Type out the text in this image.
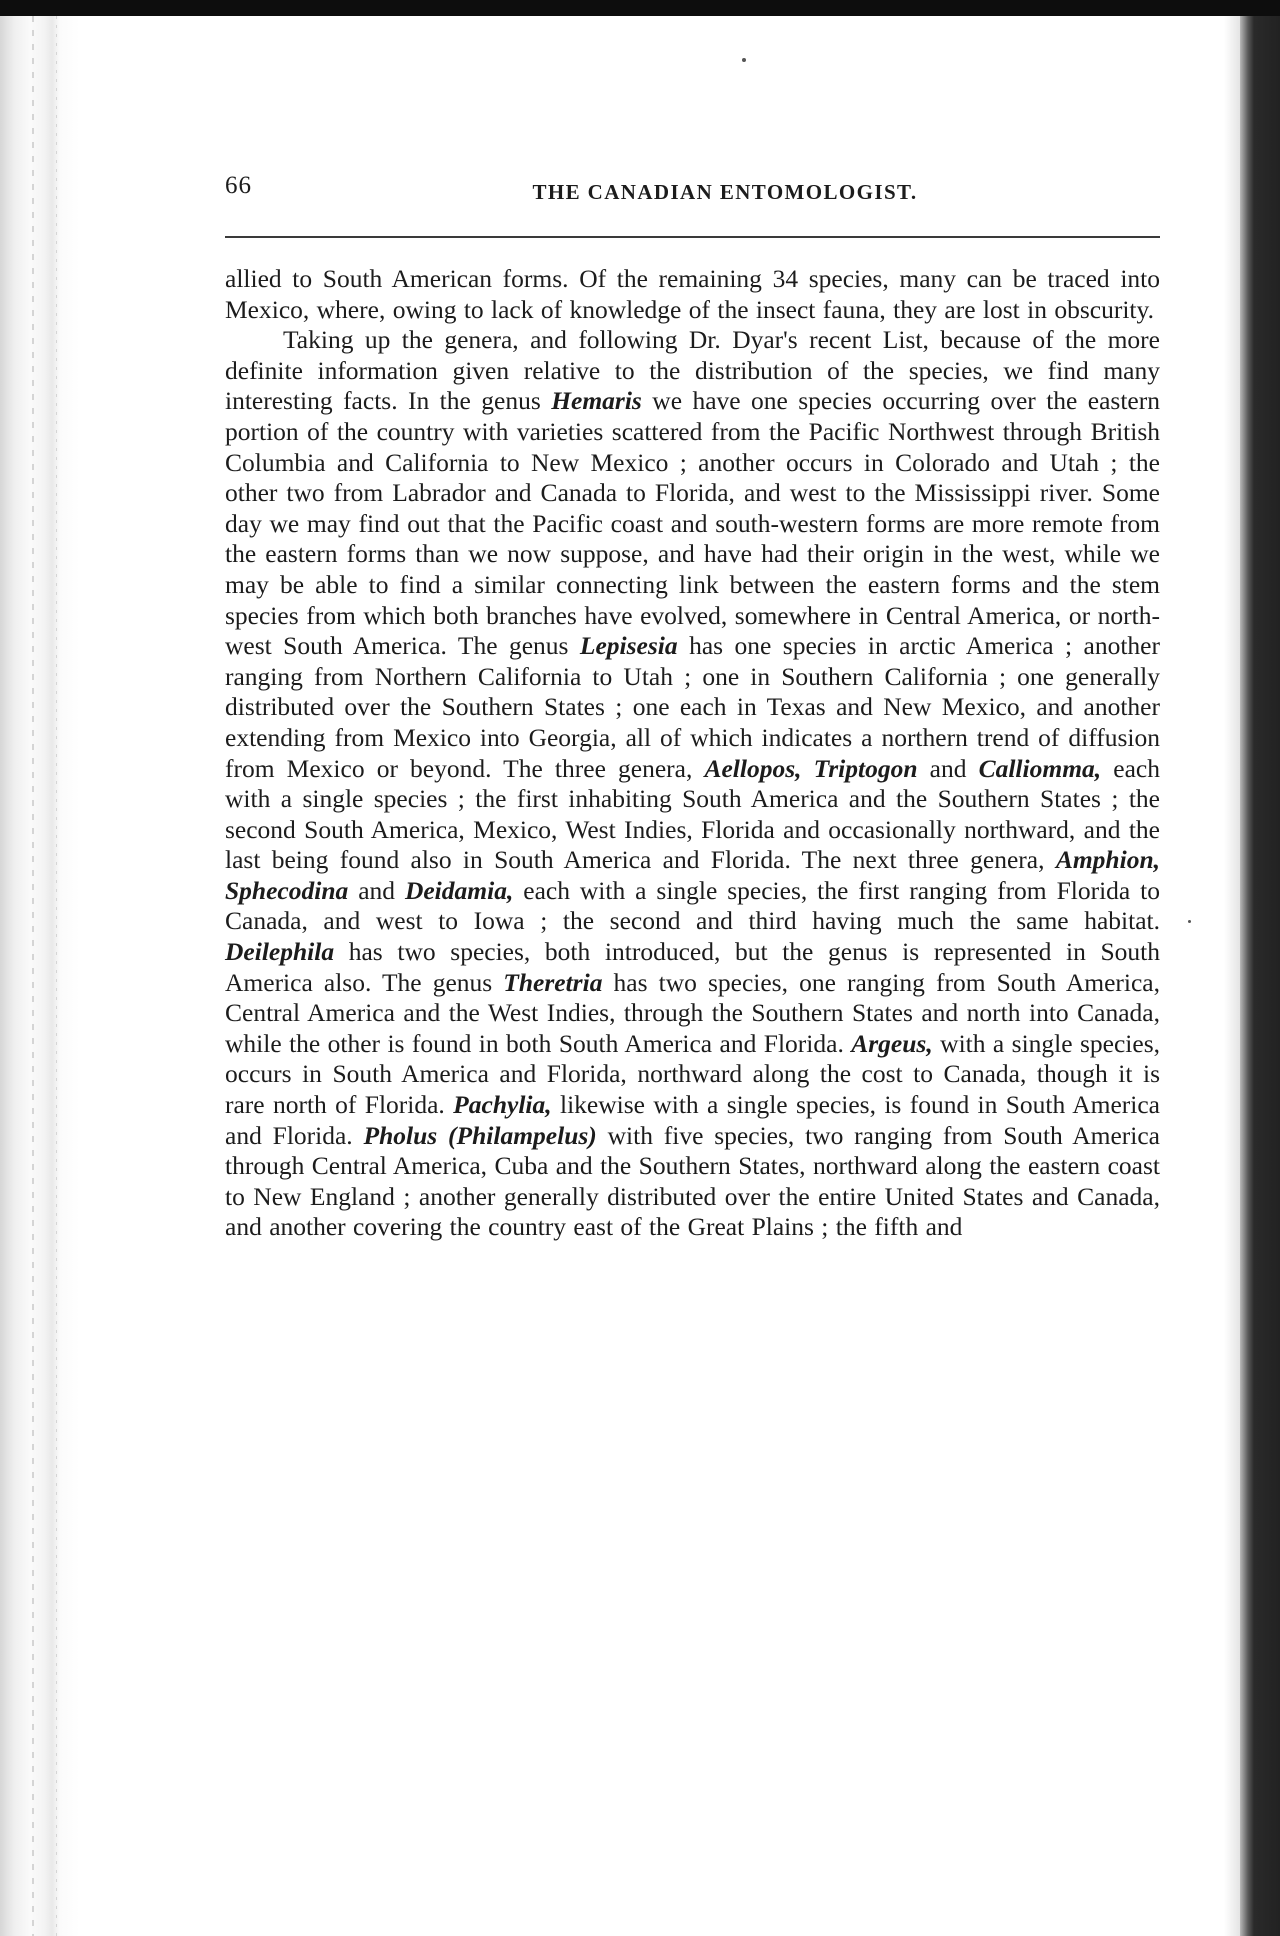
66	THE CANADIAN ENTOMOLOGIST.

allied to South American forms. Of the remaining 34 species, many can be traced into Mexico, where, owing to lack of knowledge of the insect fauna, they are lost in obscurity.

Taking up the genera, and following Dr. Dyar's recent List, because of the more definite information given relative to the distribution of the species, we find many interesting facts. In the genus Hemaris we have one species occurring over the eastern portion of the country with varieties scattered from the Pacific Northwest through British Columbia and California to New Mexico ; another occurs in Colorado and Utah ; the other two from Labrador and Canada to Florida, and west to the Mississippi river. Some day we may find out that the Pacific coast and south-western forms are more remote from the eastern forms than we now suppose, and have had their origin in the west, while we may be able to find a similar connecting link between the eastern forms and the stem species from which both branches have evolved, somewhere in Central America, or north-west South America. The genus Lepisesia has one species in arctic America ; another ranging from Northern California to Utah ; one in Southern California ; one generally distributed over the Southern States ; one each in Texas and New Mexico, and another extending from Mexico into Georgia, all of which indicates a northern trend of diffusion from Mexico or beyond. The three genera, Aellopos, Triptogon and Calliomma, each with a single species ; the first inhabiting South America and the Southern States ; the second South America, Mexico, West Indies, Florida and occasionally northward, and the last being found also in South America and Florida. The next three genera, Amphion, Sphecodina and Deidamia, each with a single species, the first ranging from Florida to Canada, and west to Iowa ; the second and third having much the same habitat. Deilephila has two species, both introduced, but the genus is represented in South America also. The genus Theretria has two species, one ranging from South America, Central America and the West Indies, through the Southern States and north into Canada, while the other is found in both South America and Florida. Argeus, with a single species, occurs in South America and Florida, northward along the cost to Canada, though it is rare north of Florida. Pachylia, likewise with a single species, is found in South America and Florida. Pholus (Philampelus) with five species, two ranging from South America through Central America, Cuba and the Southern States, northward along the eastern coast to New England ; another generally distributed over the entire United States and Canada, and another covering the country east of the Great Plains ; the fifth and
